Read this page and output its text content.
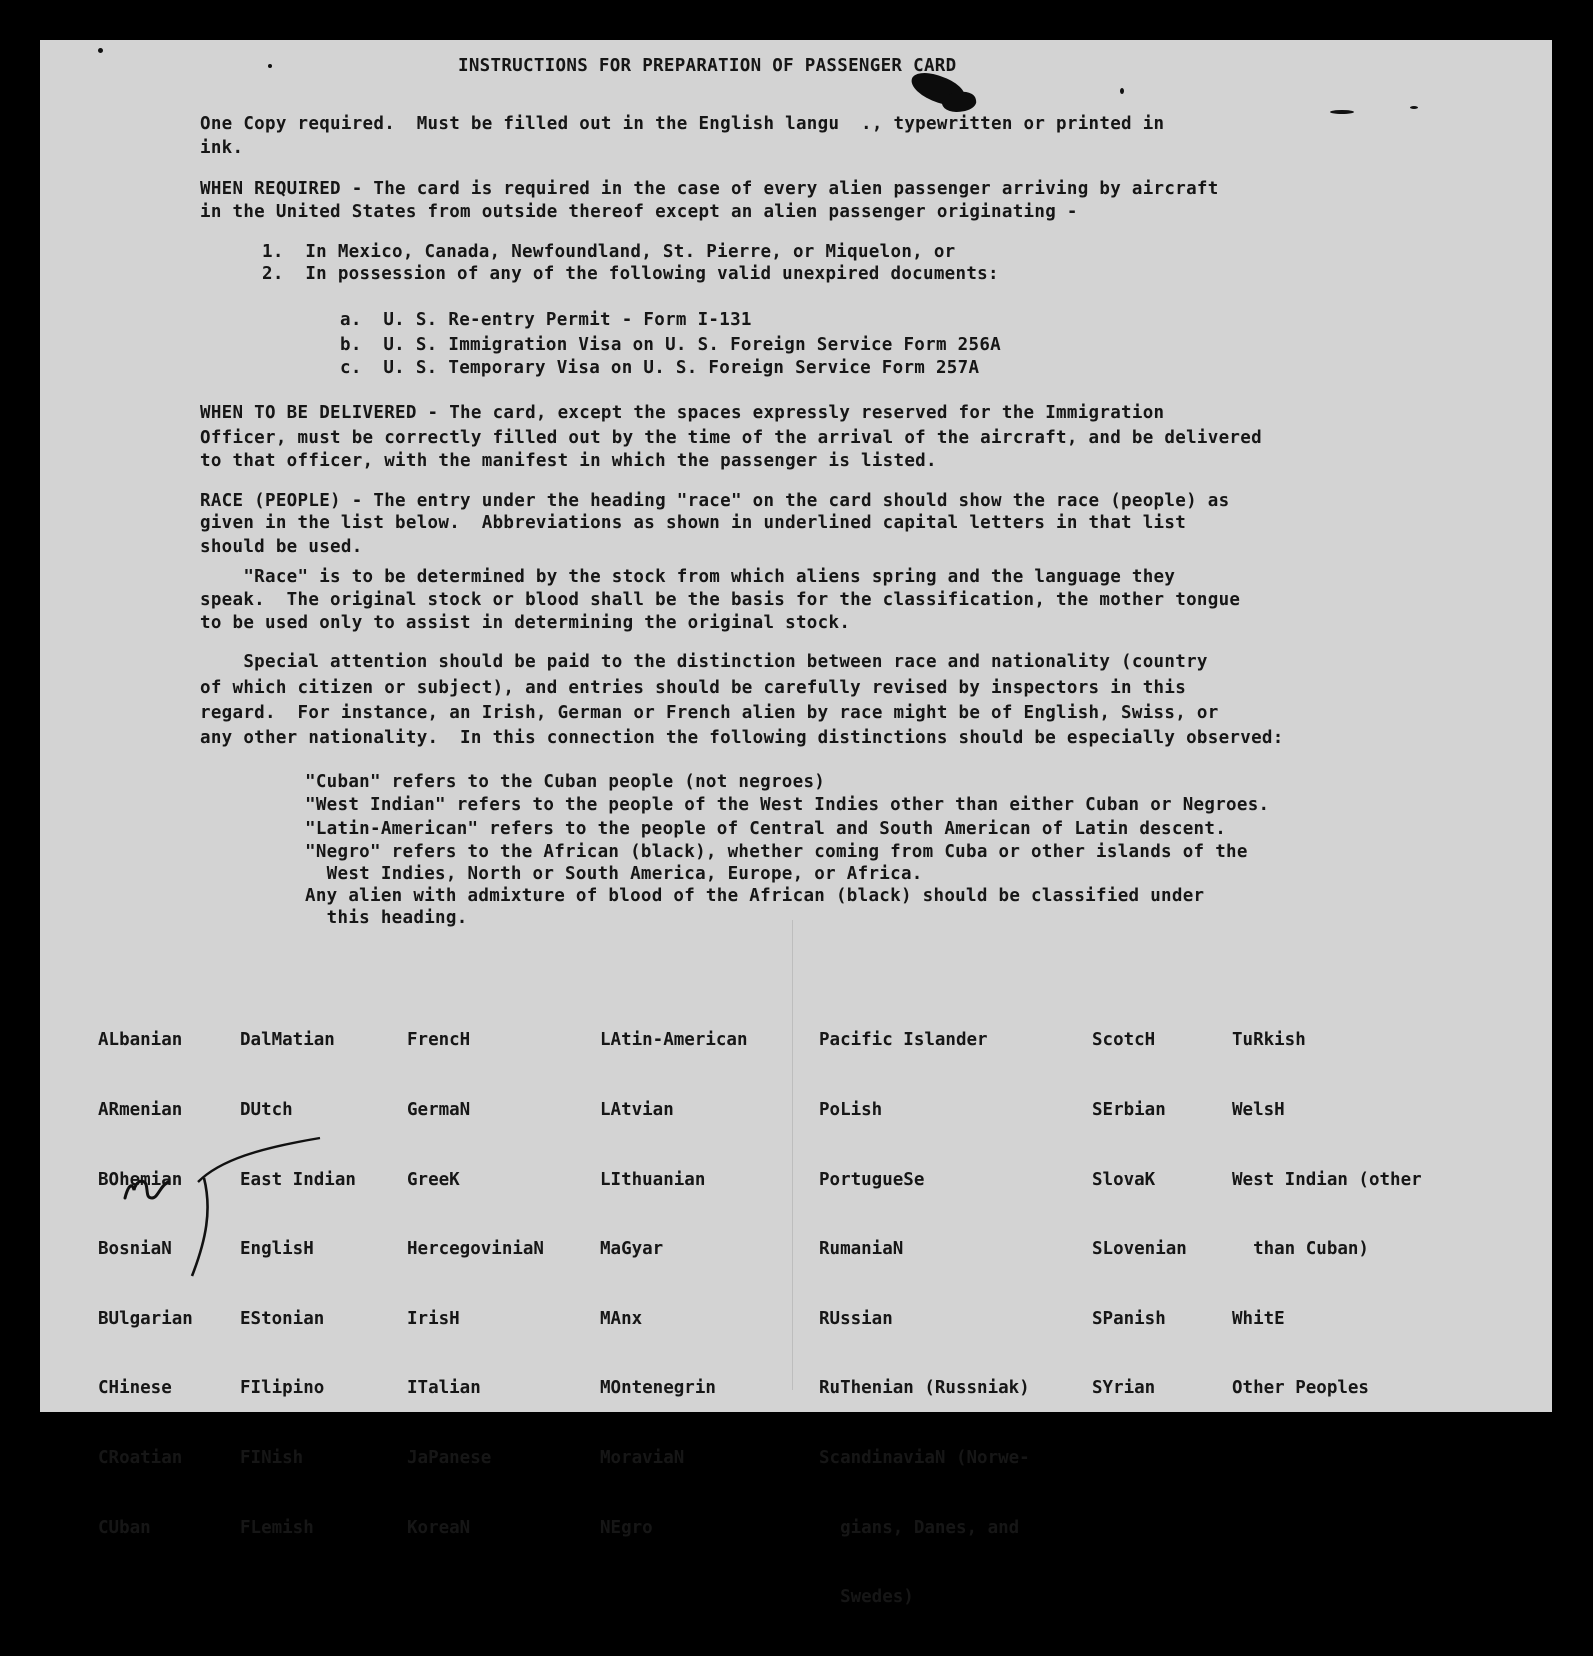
INSTRUCTIONS FOR PREPARATION OF PASSENGER CARD
One Copy required.  Must be filled out in the English langu  ., typewritten or printed in
ink.
WHEN REQUIRED - The card is required in the case of every alien passenger arriving by aircraft
in the United States from outside thereof except an alien passenger originating -
1.  In Mexico, Canada, Newfoundland, St. Pierre, or Miquelon, or
2.  In possession of any of the following valid unexpired documents:
a.  U. S. Re-entry Permit - Form I-131
b.  U. S. Immigration Visa on U. S. Foreign Service Form 256A
c.  U. S. Temporary Visa on U. S. Foreign Service Form 257A
WHEN TO BE DELIVERED - The card, except the spaces expressly reserved for the Immigration
Officer, must be correctly filled out by the time of the arrival of the aircraft, and be delivered
to that officer, with the manifest in which the passenger is listed.
RACE (PEOPLE) - The entry under the heading "race" on the card should show the race (people) as
given in the list below.  Abbreviations as shown in underlined capital letters in that list
should be used.
"Race" is to be determined by the stock from which aliens spring and the language they
speak.  The original stock or blood shall be the basis for the classification, the mother tongue
to be used only to assist in determining the original stock.
Special attention should be paid to the distinction between race and nationality (country
of which citizen or subject), and entries should be carefully revised by inspectors in this
regard.  For instance, an Irish, German or French alien by race might be of English, Swiss, or
any other nationality.  In this connection the following distinctions should be especially observed:
"Cuban" refers to the Cuban people (not negroes)
"West Indian" refers to the people of the West Indies other than either Cuban or Negroes.
"Latin-American" refers to the people of Central and South American of Latin descent.
"Negro" refers to the African (black), whether coming from Cuba or other islands of the
West Indies, North or South America, Europe, or Africa.
Any alien with admixture of blood of the African (black) should be classified under
this heading.

ALbanian

ARmenian

BOhemian

BosniaN

BUlgarian

CHinese

CRoatian

CUban

DalMatian

DUtch

East Indian

EnglisH

EStonian

FIlipino

FINish

FLemish

FrencH

GermaN

GreeK

HercegoviniaN

IrisH

ITalian

JaPanese

KoreaN

LAtin-American

LAtvian

LIthuanian

MaGyar

MAnx

MOntenegrin

MoraviaN

NEgro

Pacific Islander

PoLish

PortugueSe

RumaniaN

RUssian

RuThenian (Russniak)

ScandinaviaN (Norwe-

gians, Danes, and

Swedes)

ScotcH

SErbian

SlovaK

SLovenian

SPanish

SYrian

TuRkish

WelsH

West Indian (other

than Cuban)

WhitE

Other Peoples
